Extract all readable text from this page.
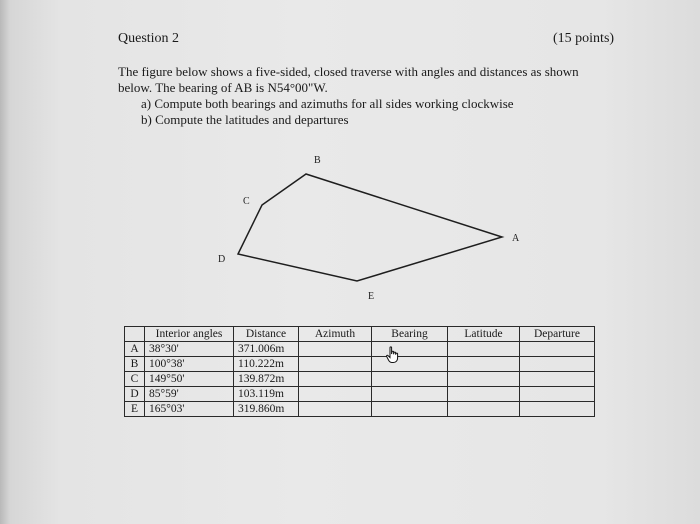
Question 2	(15 points)
The figure below shows a five-sided, closed traverse with angles and distances as shown
below. The bearing of AB is N54°00"W.
a) Compute both bearings and azimuths for all sides working clockwise
b) Compute the latitudes and departures
B
C
D
E
A
	Interior angles	Distance	Azimuth	Bearing	Latitude	Departure
A	38°30'	371.006m				
B	100°38'	110.222m				
C	149°50'	139.872m				
D	85°59'	103.119m				
E	165°03'	319.860m				
